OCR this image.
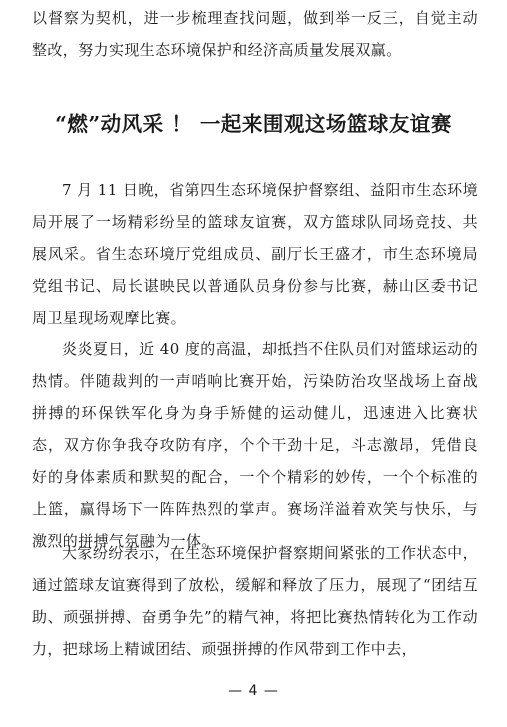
以督察为契机，进一步梳理查找问题，做到举一反三，自觉主动整改，努力实现生态环境保护和经济高质量发展双赢。

“燃”动风采 ！ 一起来围观这场篮球友谊赛

7 月 11 日晚，省第四生态环境保护督察组、益阳市生态环境局开展了一场精彩纷呈的篮球友谊赛，双方篮球队同场竞技、共展风采。省生态环境厅党组成员、副厅长王盛才，市生态环境局党组书记、局长谌映民以普通队员身份参与比赛，赫山区委书记周卫星现场观摩比赛。

炎炎夏日，近 40 度的高温，却抵挡不住队员们对篮球运动的热情。伴随裁判的一声哨响比赛开始，污染防治攻坚战场上奋战拼搏的环保铁军化身为身手矫健的运动健儿，迅速进入比赛状态，双方你争我夺攻防有序，个个干劲十足，斗志激昂，凭借良好的身体素质和默契的配合，一个个精彩的妙传，一个个标准的上篮，赢得场下一阵阵热烈的掌声。赛场洋溢着欢笑与快乐，与激烈的拼搏气氛融为一体。

大家纷纷表示，在生态环境保护督察期间紧张的工作状态中，通过篮球友谊赛得到了放松，缓解和释放了压力，展现了“团结互助、顽强拼搏、奋勇争先”的精气神，将把比赛热情转化为工作动力，把球场上精诚团结、顽强拼搏的作风带到工作中去，

— 4 —
